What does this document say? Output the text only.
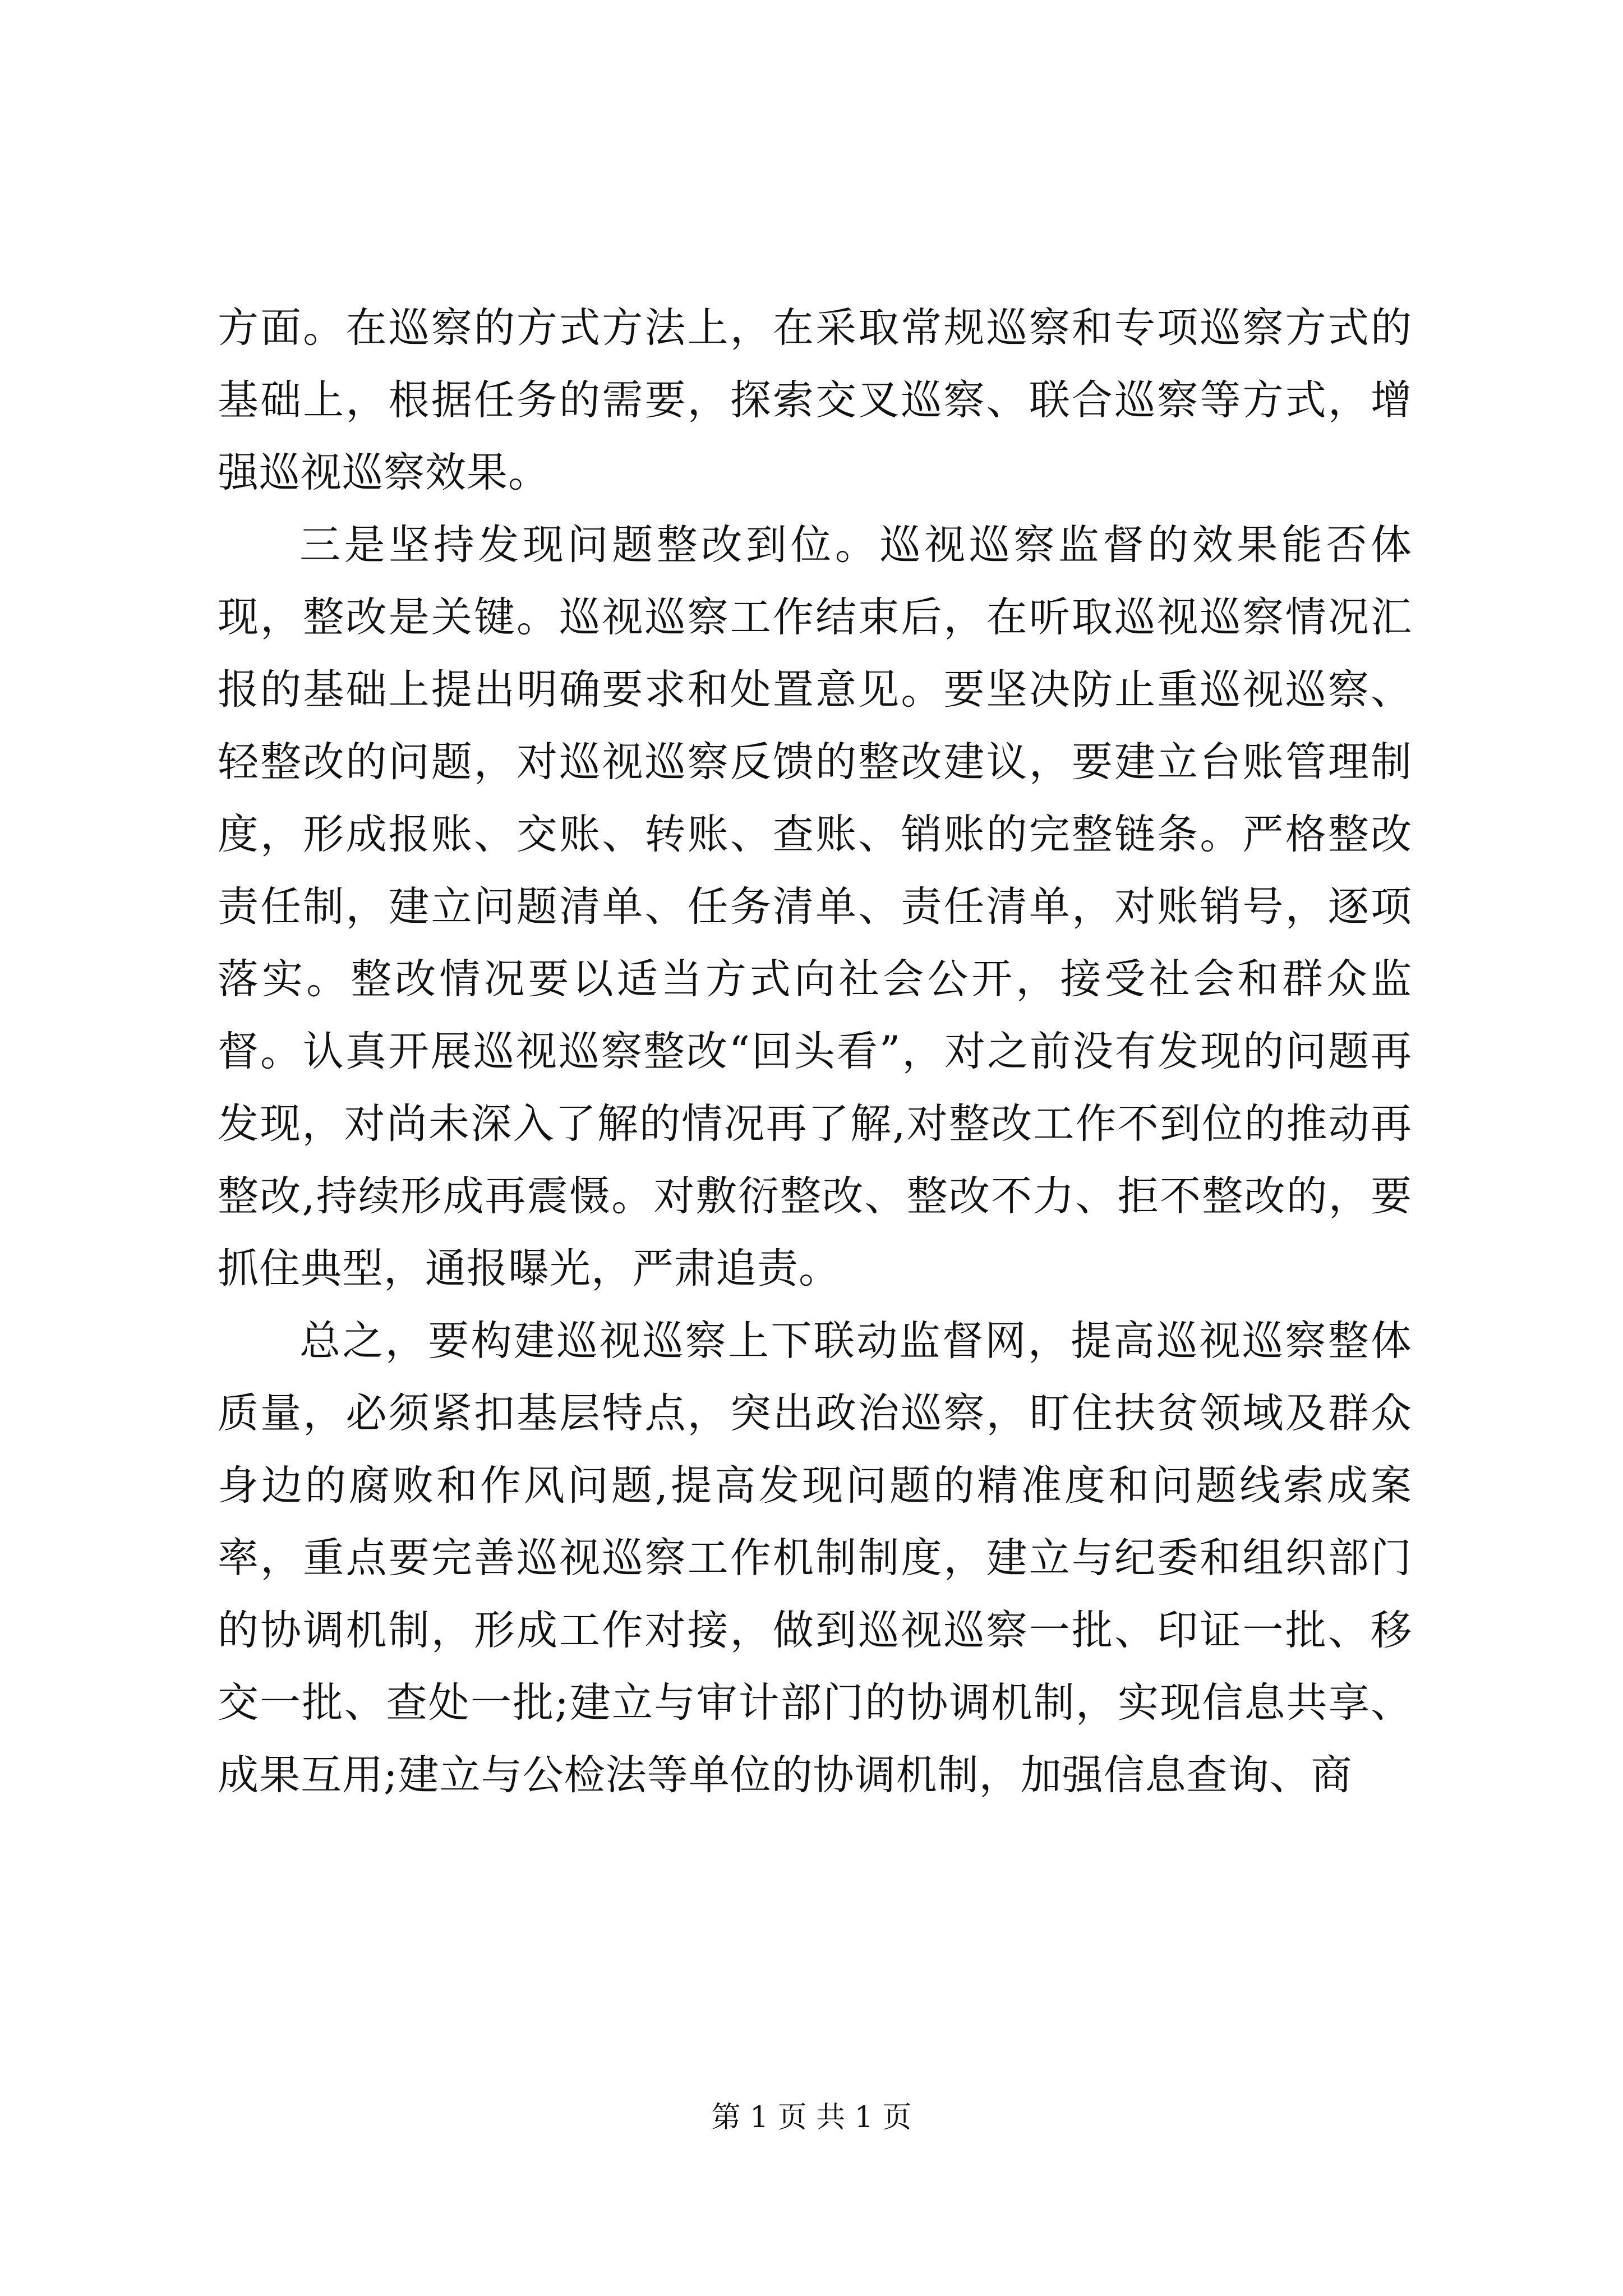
方面。在巡察的方式方法上，在采取常规巡察和专项巡察方式的基础上，根据任务的需要，探索交叉巡察、联合巡察等方式，增强巡视巡察效果。

三是坚持发现问题整改到位。巡视巡察监督的效果能否体现，整改是关键。巡视巡察工作结束后，在听取巡视巡察情况汇报的基础上提出明确要求和处置意见。要坚决防止重巡视巡察、轻整改的问题，对巡视巡察反馈的整改建议，要建立台账管理制度，形成报账、交账、转账、查账、销账的完整链条。严格整改责任制，建立问题清单、任务清单、责任清单，对账销号，逐项落实。整改情况要以适当方式向社会公开，接受社会和群众监督。认真开展巡视巡察整改“回头看”，对之前没有发现的问题再发现，对尚未深入了解的情况再了解,对整改工作不到位的推动再整改,持续形成再震慑。对敷衍整改、整改不力、拒不整改的，要抓住典型，通报曝光，严肃追责。

总之，要构建巡视巡察上下联动监督网，提高巡视巡察整体质量，必须紧扣基层特点，突出政治巡察，盯住扶贫领域及群众身边的腐败和作风问题,提高发现问题的精准度和问题线索成案率，重点要完善巡视巡察工作机制制度，建立与纪委和组织部门的协调机制，形成工作对接，做到巡视巡察一批、印证一批、移交一批、查处一批;建立与审计部门的协调机制，实现信息共享、成果互用;建立与公检法等单位的协调机制，加强信息查询、商

第 1 页 共 1 页
